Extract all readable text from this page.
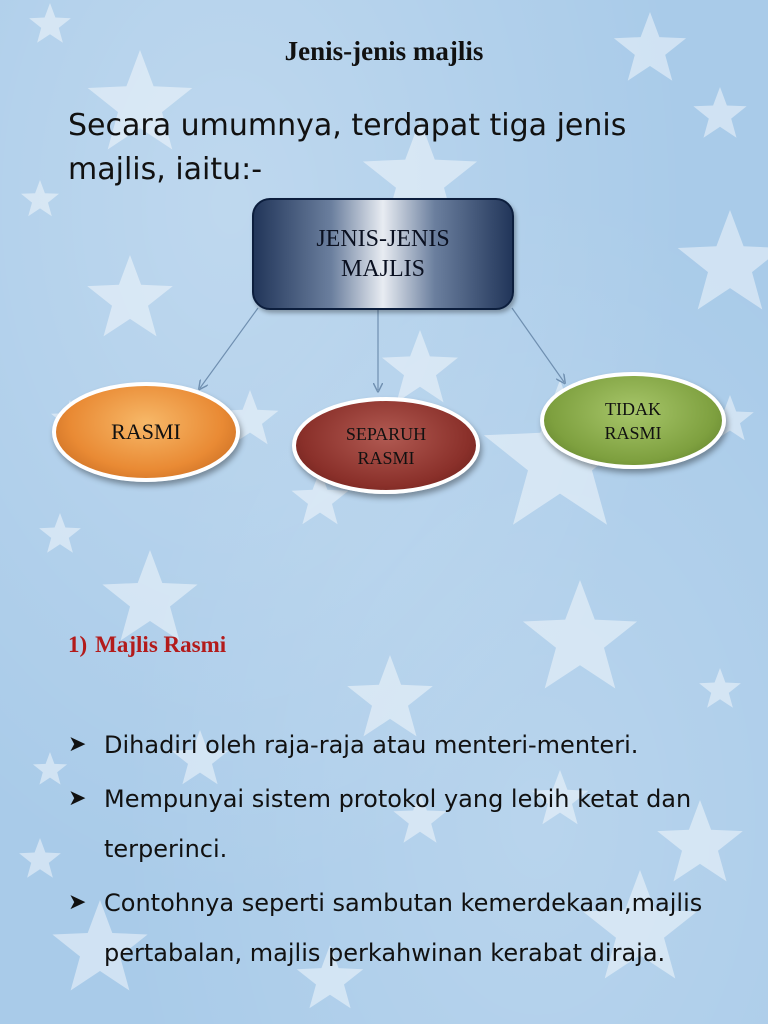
Jenis-jenis majlis
Secara umumnya, terdapat tiga jenis majlis, iaitu:-
JENIS-JENIS
MAJLIS
RASMI	SEPARUH
RASMI
TIDAK
RASMI
1) Majlis Rasmi
➤ Dihadiri oleh raja-raja atau menteri-menteri.
➤ Mempunyai sistem protokol yang lebih ketat dan terperinci.
➤ Contohnya seperti sambutan kemerdekaan,majlis pertabalan, majlis perkahwinan kerabat diraja.
